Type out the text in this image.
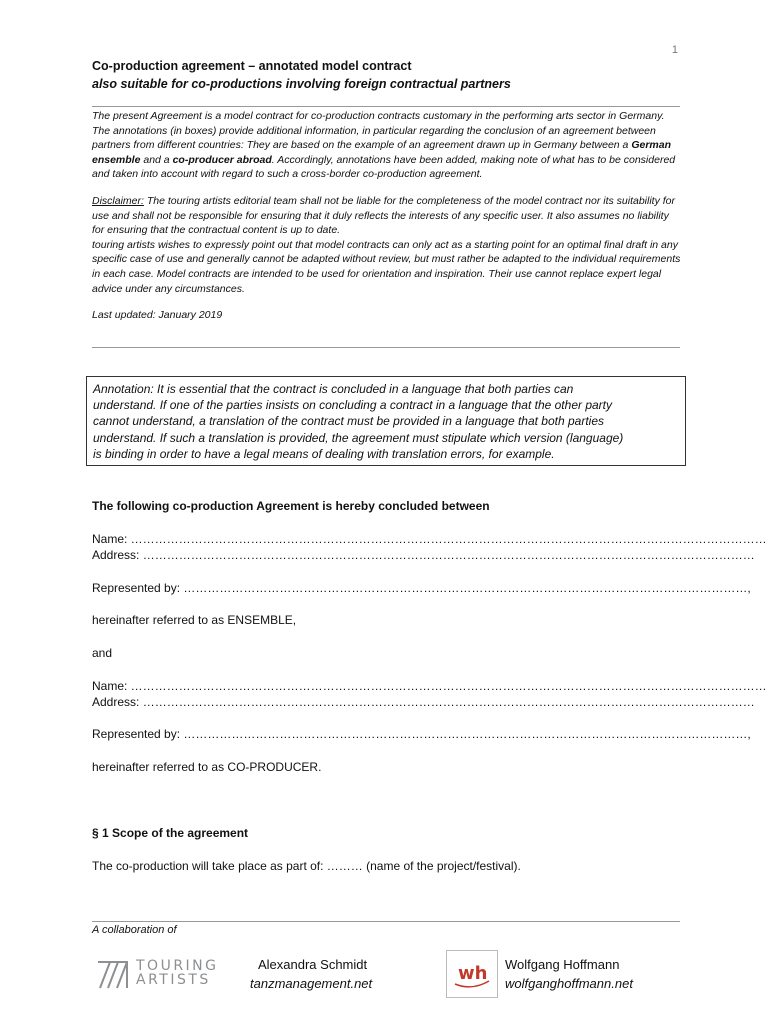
1
Co-production agreement – annotated model contract
also suitable for co-productions involving foreign contractual partners

The present Agreement is a model contract for co-production contracts customary in the performing arts sector in Germany. The annotations (in boxes) provide additional information, in particular regarding the conclusion of an agreement between partners from different countries: They are based on the example of an agreement drawn up in Germany between a German ensemble and a co-producer abroad. Accordingly, annotations have been added, making note of what has to be considered and taken into account with regard to such a cross-border co-production agreement.

Disclaimer: The touring artists editorial team shall not be liable for the completeness of the model contract nor its suitability for use and shall not be responsible for ensuring that it duly reflects the interests of any specific user. It also assumes no liability for ensuring that the contractual content is up to date.
touring artists wishes to expressly point out that model contracts can only act as a starting point for an optimal final draft in any specific case of use and generally cannot be adapted without review, but must rather be adapted to the individual requirements in each case. Model contracts are intended to be used for orientation and inspiration. Their use cannot replace expert legal advice under any circumstances.

Last updated: January 2019

Annotation: It is essential that the contract is concluded in a language that both parties can
understand. If one of the parties insists on concluding a contract in a language that the other party
cannot understand, a translation of the contract must be provided in a language that both parties
understand. If such a translation is provided, the agreement must stipulate which version (language)
is binding in order to have a legal means of dealing with translation errors, for example.
The following co-production Agreement is hereby concluded between
Name: ……………………………………………………………………………………………………………………………………………
Address: ………………………………………………………………………………………………………………………………………
Represented by: ……………………………………………………………………………………………………………………………,
hereinafter referred to as ENSEMBLE,
and
Name: ……………………………………………………………………………………………………………………………………………
Address: ………………………………………………………………………………………………………………………………………
Represented by: ……………………………………………………………………………………………………………………………,
hereinafter referred to as CO-PRODUCER.
§ 1 Scope of the agreement
The co-production will take place as part of: ……… (name of the project/festival).
A collaboration of
TOURING
ARTISTS
Alexandra Schmidt
tanzmanagement.net	wh Wolfgang Hoffmann
wolfganghoffmann.net
